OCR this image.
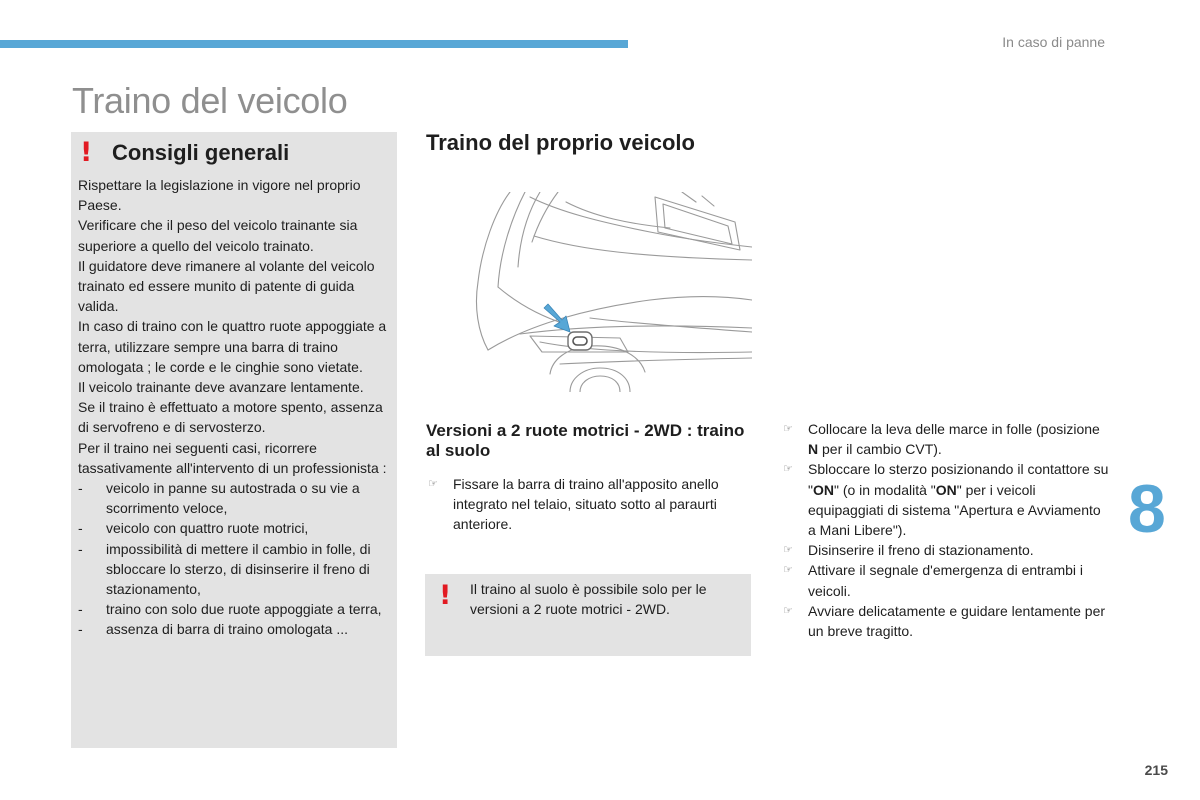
In caso di panne
Traino del veicolo
! Consigli generali

Rispettare la legislazione in vigore nel proprio Paese.

Verificare che il peso del veicolo trainante sia superiore a quello del veicolo trainato.

Il guidatore deve rimanere al volante del veicolo trainato ed essere munito di patente di guida valida.

In caso di traino con le quattro ruote appoggiate a terra, utilizzare sempre una barra di traino omologata ; le corde e le cinghie sono vietate.

Il veicolo trainante deve avanzare lentamente.

Se il traino è effettuato a motore spento, assenza di servofreno e di servosterzo.

Per il traino nei seguenti casi, ricorrere tassativamente all'intervento di un professionista :

- veicolo in panne su autostrada o su vie a scorrimento veloce,
- veicolo con quattro ruote motrici,
- impossibilità di mettere il cambio in folle, di sbloccare lo sterzo, di disinserire il freno di stazionamento,
- traino con solo due ruote appoggiate a terra,
- assenza di barra di traino omologata ...
Traino del proprio veicolo
Versioni a 2 ruote motrici - 2WD : traino al suolo
☞ Fissare la barra di traino all'apposito anello integrato nel telaio, situato sotto al paraurti anteriore.
! Il traino al suolo è possibile solo per le versioni a 2 ruote motrici - 2WD.
☞ Collocare la leva delle marce in folle (posizione N per il cambio CVT).
☞ Sbloccare lo sterzo posizionando il contattore su "ON" (o in modalità "ON" per i veicoli equipaggiati di sistema "Apertura e Avviamento a Mani Libere").
☞ Disinserire il freno di stazionamento.
☞ Attivare il segnale d'emergenza di entrambi i veicoli.
☞ Avviare delicatamente e guidare lentamente per un breve tragitto.
8
215
